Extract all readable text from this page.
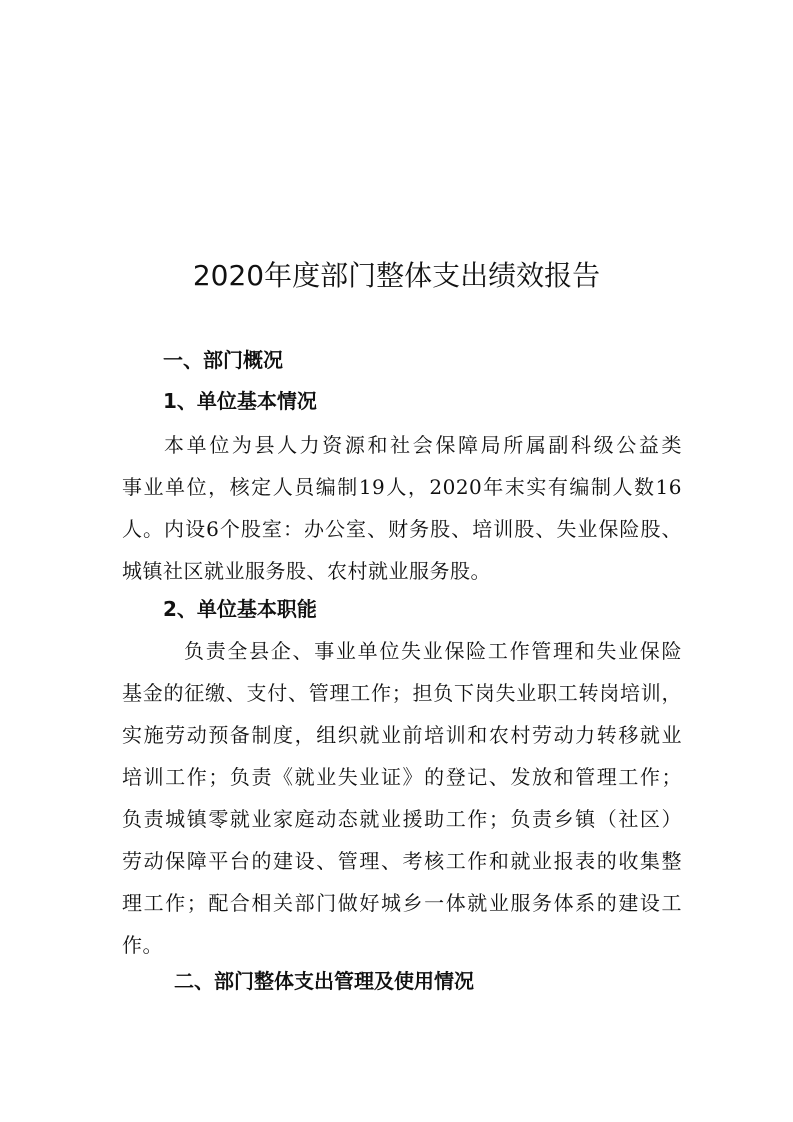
2020年度部门整体支出绩效报告
一、部门概况
1、单位基本情况
本单位为县人力资源和社会保障局所属副科级公益类
事业单位，核定人员编制19人，2020年末实有编制人数16
人。内设6个股室：办公室、财务股、培训股、失业保险股、
城镇社区就业服务股、农村就业服务股。
2、单位基本职能
负责全县企、事业单位失业保险工作管理和失业保险
基金的征缴、支付、管理工作；担负下岗失业职工转岗培训，
实施劳动预备制度，组织就业前培训和农村劳动力转移就业
培训工作；负责《就业失业证》的登记、发放和管理工作；
负责城镇零就业家庭动态就业援助工作；负责乡镇（社区）
劳动保障平台的建设、管理、考核工作和就业报表的收集整
理工作；配合相关部门做好城乡一体就业服务体系的建设工
作。
二、部门整体支出管理及使用情况
